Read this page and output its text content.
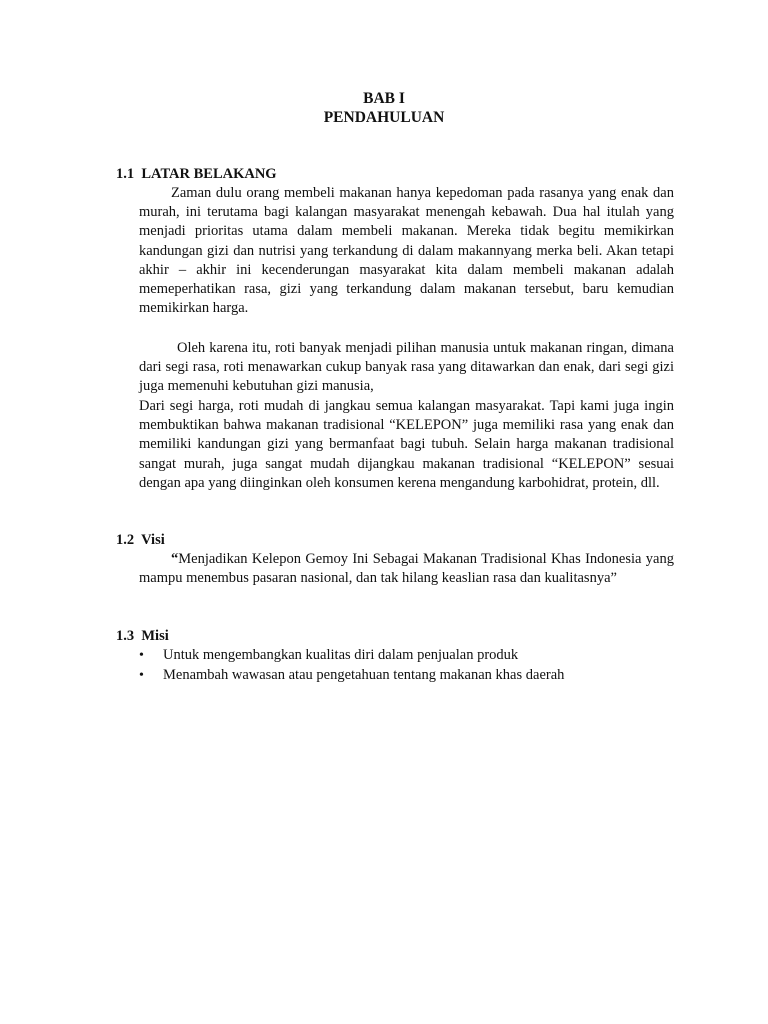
BAB I
PENDAHULUAN
1.1  LATAR BELAKANG
Zaman dulu orang membeli makanan hanya kepedoman pada rasanya yang enak dan murah, ini terutama bagi kalangan masyarakat menengah kebawah. Dua hal itulah yang menjadi prioritas utama dalam membeli makanan. Mereka tidak begitu memikirkan kandungan gizi dan nutrisi yang terkandung di dalam makannyang merka beli. Akan tetapi akhir – akhir ini kecenderungan masyarakat kita dalam membeli makanan adalah memeperhatikan rasa, gizi yang terkandung dalam makanan tersebut, baru kemudian memikirkan harga.
Oleh karena itu, roti banyak menjadi pilihan manusia untuk makanan ringan, dimana dari segi rasa, roti menawarkan cukup banyak rasa yang ditawarkan dan enak, dari segi gizi juga memenuhi kebutuhan gizi manusia,
Dari segi harga, roti mudah di jangkau semua kalangan masyarakat. Tapi kami juga ingin membuktikan bahwa makanan tradisional “KELEPON” juga memiliki rasa yang enak dan memiliki kandungan gizi yang bermanfaat bagi tubuh. Selain harga makanan tradisional sangat murah, juga sangat mudah dijangkau makanan tradisional “KELEPON” sesuai dengan apa yang diinginkan oleh konsumen kerena mengandung karbohidrat, protein, dll.
1.2  Visi
“Menjadikan Kelepon Gemoy Ini Sebagai Makanan Tradisional Khas Indonesia yang mampu menembus pasaran nasional, dan tak hilang keaslian rasa dan kualitasnya”
1.3  Misi
• Untuk mengembangkan kualitas diri dalam penjualan produk
• Menambah wawasan atau pengetahuan tentang makanan khas daerah
